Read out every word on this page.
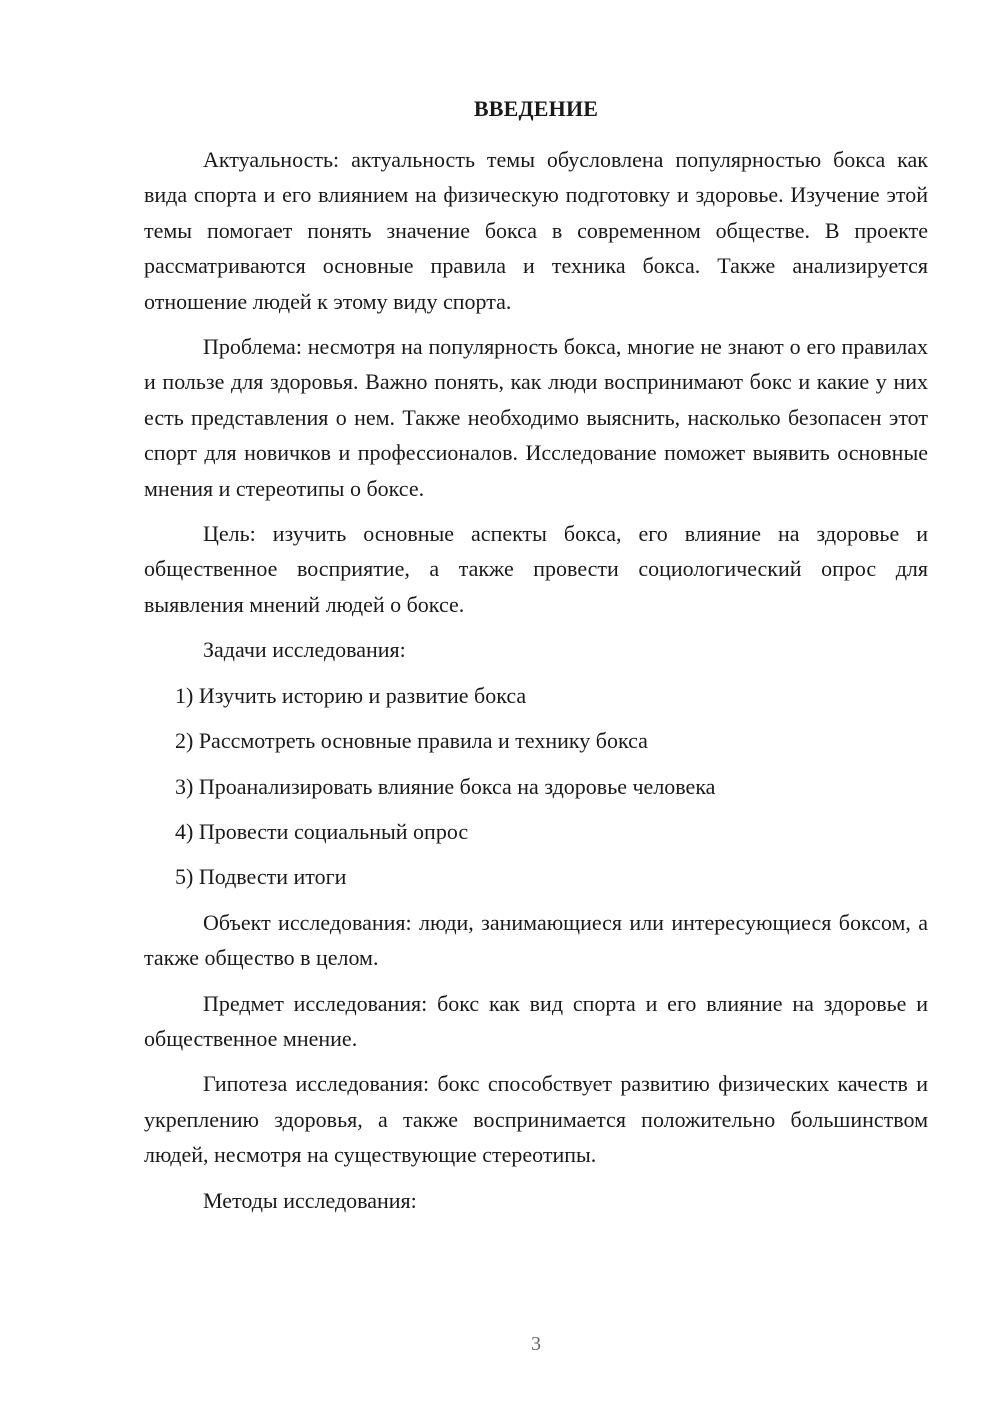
ВВЕДЕНИЕ

Актуальность: актуальность темы обусловлена популярностью бокса как вида спорта и его влиянием на физическую подготовку и здоровье. Изучение этой темы помогает понять значение бокса в современном обществе. В проекте рассматриваются основные правила и техника бокса. Также анализируется отношение людей к этому виду спорта.

Проблема: несмотря на популярность бокса, многие не знают о его правилах и пользе для здоровья. Важно понять, как люди воспринимают бокс и какие у них есть представления о нем. Также необходимо выяснить, насколько безопасен этот спорт для новичков и профессионалов. Исследование поможет выявить основные мнения и стереотипы о боксе.

Цель: изучить основные аспекты бокса, его влияние на здоровье и общественное восприятие, а также провести социологический опрос для выявления мнений людей о боксе.

Задачи исследования:

1) Изучить историю и развитие бокса
2) Рассмотреть основные правила и технику бокса
3) Проанализировать влияние бокса на здоровье человека
4) Провести социальный опрос
5) Подвести итоги

Объект исследования: люди, занимающиеся или интересующиеся боксом, а также общество в целом.

Предмет исследования: бокс как вид спорта и его влияние на здоровье и общественное мнение.

Гипотеза исследования: бокс способствует развитию физических качеств и укреплению здоровья, а также воспринимается положительно большинством людей, несмотря на существующие стереотипы.

Методы исследования:

3
